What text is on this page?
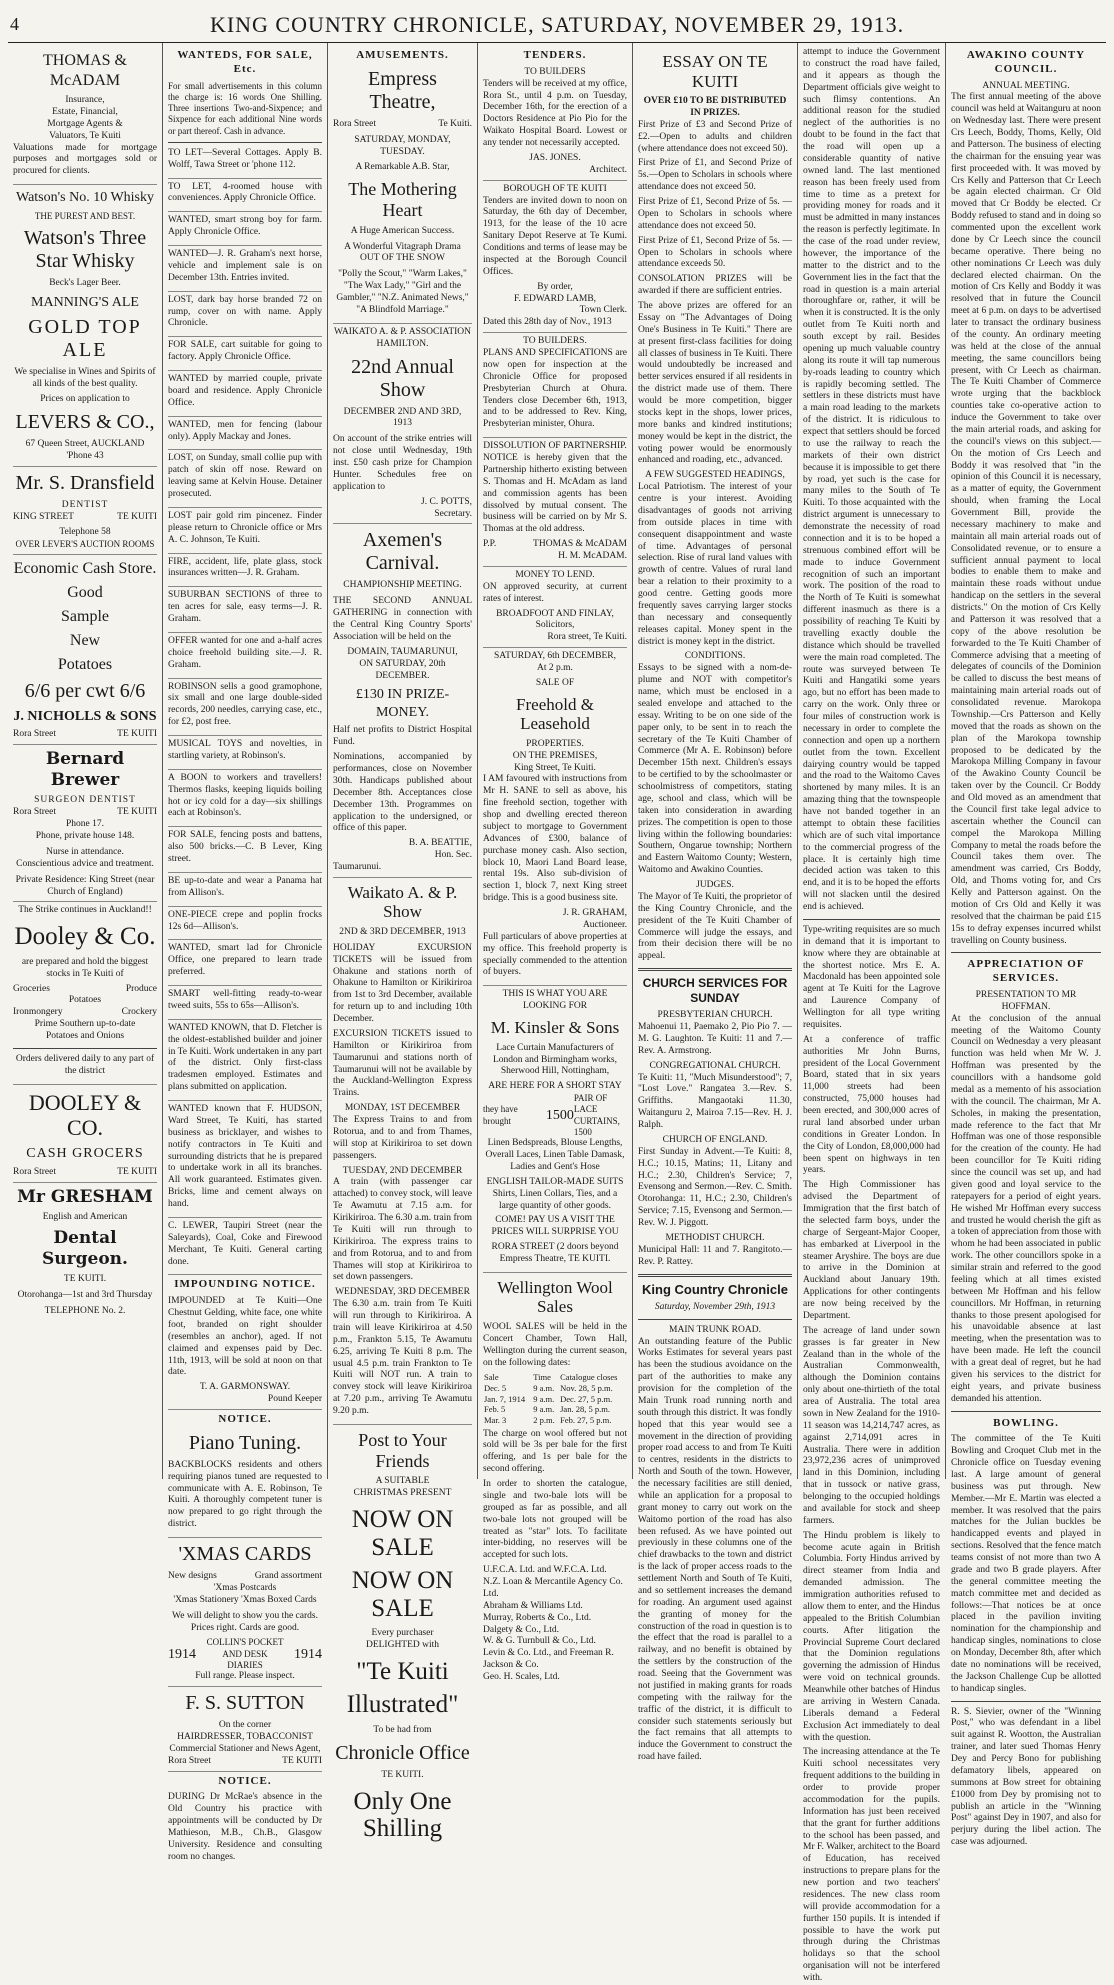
4	KING COUNTRY CHRONICLE, SATURDAY, NOVEMBER 29, 1913.
THOMAS & McADAM
Insurance,
Estate, Financial,
Mortgage Agents &
Valuators, Te Kuiti

Valuations made for mortgage purposes and mortgages sold or procured for clients.

Watson's No. 10 Whisky
THE PUREST AND BEST.
Watson's Three Star Whisky
Beck's Lager Beer.
MANNING'S ALE
GOLD TOP ALE

We specialise in Wines and Spirits of all kinds of the best quality.

Prices on application to
LEVERS & CO.,
67 Queen Street, AUCKLAND
'Phone 43
Mr. S. Dransfield
DENTIST
KING STREET	TE KUITI
Telephone 58
OVER LEVER'S AUCTION ROOMS
Economic Cash Store.
Good
Sample
New
Potatoes
6/6 per cwt 6/6
J. NICHOLLS & SONS
Rora Street	TE KUITI
Bernard Brewer
SURGEON DENTIST
Rora Street	TE KUITI
Phone 17.
Phone, private house 148.
Nurse in attendance.
Conscientious advice and treatment.
Private Residence: King Street (near Church of England)
The Strike continues in Auckland!!
Dooley & Co.

are prepared and hold the biggest stocks in Te Kuiti of

Groceries	Produce
Potatoes
Ironmongery	Crockery
Prime Southern up-to-date
Potatoes and Onions

Orders delivered daily to any part of the district

DOOLEY & CO.
CASH GROCERS
Rora Street	TE KUITI
Mr GRESHAM
English and American
Dental Surgeon.
TE KUITI.
Otorohanga—1st and 3rd Thursday
TELEPHONE No. 2.
WANTEDS, FOR SALE, Etc.

For small advertisements in this column the charge is: 16 words One Shilling. Three insertions Two-and-Sixpence; and Sixpence for each additional Nine words or part thereof. Cash in advance.

TO LET—Several Cottages. Apply B. Wolff, Tawa Street or 'phone 112.

TO LET, 4-roomed house with conveniences. Apply Chronicle Office.

WANTED, smart strong boy for farm. Apply Chronicle Office.

WANTED—J. R. Graham's next horse, vehicle and implement sale is on December 13th. Entries invited.

LOST, dark bay horse branded 72 on rump, cover on with name. Apply Chronicle.

FOR SALE, cart suitable for going to factory. Apply Chronicle Office.

WANTED by married couple, private board and residence. Apply Chronicle Office.

WANTED, men for fencing (labour only). Apply Mackay and Jones.

LOST, on Sunday, small collie pup with patch of skin off nose. Reward on leaving same at Kelvin House. Detainer prosecuted.

LOST pair gold rim pincenez. Finder please return to Chronicle office or Mrs A. C. Johnson, Te Kuiti.

FIRE, accident, life, plate glass, stock insurances written—J. R. Graham.

SUBURBAN SECTIONS of three to ten acres for sale, easy terms—J. R. Graham.

OFFER wanted for one and a-half acres choice freehold building site.—J. R. Graham.

ROBINSON sells a good gramophone, six small and one large double-sided records, 200 needles, carrying case, etc., for £2, post free.

MUSICAL TOYS and novelties, in startling variety, at Robinson's.

A BOON to workers and travellers! Thermos flasks, keeping liquids boiling hot or icy cold for a day—six shillings each at Robinson's.

FOR SALE, fencing posts and battens, also 500 bricks.—C. B Lever, King street.

BE up-to-date and wear a Panama hat from Allison's.

ONE-PIECE crepe and poplin frocks 12s 6d—Allison's.

WANTED, smart lad for Chronicle Office, one prepared to learn trade preferred.

SMART well-fitting ready-to-wear tweed suits, 55s to 65s—Allison's.

WANTED KNOWN, that D. Fletcher is the oldest-established builder and joiner in Te Kuiti. Work undertaken in any part of the district. Only first-class tradesmen employed. Estimates and plans submitted on application.

WANTED known that F. HUDSON, Ward Street, Te Kuiti, has started business as bricklayer, and wishes to notify contractors in Te Kuiti and surrounding districts that he is prepared to undertake work in all its branches. All work guaranteed. Estimates given. Bricks, lime and cement always on hand.

C. LEWER, Taupiri Street (near the Saleyards), Coal, Coke and Firewood Merchant, Te Kuiti. General carting done.

IMPOUNDING NOTICE.

IMPOUNDED at Te Kuiti—One Chestnut Gelding, white face, one white foot, branded on right shoulder (resembles an anchor), aged. If not claimed and expenses paid by Dec. 11th, 1913, will be sold at noon on that date.

T. A. GARMONSWAY.
Pound Keeper
NOTICE.
Piano Tuning.

BACKBLOCKS residents and others requiring pianos tuned are requested to communicate with A. E. Robinson, Te Kuiti. A thoroughly competent tuner is now prepared to go right through the district.

'XMAS CARDS
New designs	Grand assortment
'Xmas Postcards
'Xmas Stationery 'Xmas Boxed Cards

We will delight to show you the cards. Prices right. Cards are good.

1914
COLLIN'S POCKET AND DESK DIARIES
1914
Full range. Please inspect.
F. S. SUTTON
On the corner
HAIRDRESSER, TOBACCONIST
Commercial Stationer and News Agent,
Rora Street	TE KUITI
NOTICE.

DURING Dr McRae's absence in the Old Country his practice with appointments will be conducted by Dr Mathieson, M.B., Ch.B., Glasgow University. Residence and consulting room no changes.

AMUSEMENTS.
Empress Theatre,
Rora Street	Te Kuiti.
SATURDAY, MONDAY, TUESDAY.
A Remarkable A.B. Star,
The Mothering Heart
A Huge American Success.
A Wonderful Vitagraph Drama
OUT OF THE SNOW

"Polly the Scout," "Warm Lakes," "The Wax Lady," "Girl and the Gambler," "N.Z. Animated News," "A Blindfold Marriage."

WAIKATO A. & P. ASSOCIATION
HAMILTON.
22nd Annual Show
DECEMBER 2ND AND 3RD, 1913

On account of the strike entries will not close until Wednesday, 19th inst. £50 cash prize for Champion Hunter. Schedules free on application to

J. C. POTTS,
Secretary.
Axemen's Carnival.
CHAMPIONSHIP MEETING.

THE SECOND ANNUAL GATHERING in connection with the Central King Country Sports' Association will be held on the

DOMAIN, TAUMARUNUI,
ON SATURDAY, 20th DECEMBER.
£130 IN PRIZE-MONEY.

Half net profits to District Hospital Fund.

Nominations, accompanied by performances, close on November 30th. Handicaps published about December 8th. Acceptances close December 13th. Programmes on application to the undersigned, or office of this paper.

B. A. BEATTIE,
Hon. Sec.
Taumarunui.
Waikato A. & P. Show
2ND & 3RD DECEMBER, 1913

HOLIDAY EXCURSION TICKETS will be issued from Ohakune and stations north of Ohakune to Hamilton or Kirikiriroa from 1st to 3rd December, available for return up to and including 10th December.

EXCURSION TICKETS issued to Hamilton or Kirikiriroa from Taumarunui and stations north of Taumarunui will not be available by the Auckland-Wellington Express Trains.

MONDAY, 1ST DECEMBER

The Express Trains to and from Rotorua, and to and from Thames, will stop at Kirikiriroa to set down passengers.

TUESDAY, 2ND DECEMBER

A train (with passenger car attached) to convey stock, will leave Te Awamutu at 7.15 a.m. for Kirikiriroa. The 6.30 a.m. train from Te Kuiti will run through to Kirikiriroa. The express trains to and from Rotorua, and to and from Thames will stop at Kirikiriroa to set down passengers.

WEDNESDAY, 3RD DECEMBER

The 6.30 a.m. train from Te Kuiti will run through to Kirikiriroa. A train will leave Kirikiriroa at 4.50 p.m., Frankton 5.15, Te Awamutu 6.25, arriving Te Kuiti 8 p.m. The usual 4.5 p.m. train Frankton to Te Kuiti will NOT run. A train to convey stock will leave Kirikiriroa at 7.20 p.m., arriving Te Awamutu 9.20 p.m.

Post to Your Friends
A SUITABLE
CHRISTMAS PRESENT
NOW ON SALE
NOW ON SALE
Every purchaser
DELIGHTED with
"Te Kuiti
Illustrated"
To be had from
Chronicle Office
TE KUITI.
Only One Shilling
TENDERS.
TO BUILDERS

Tenders will be received at my office, Rora St., until 4 p.m. on Tuesday, December 16th, for the erection of a Doctors Residence at Pio Pio for the Waikato Hospital Board. Lowest or any tender not necessarily accepted.

JAS. JONES.
Architect.
BOROUGH OF TE KUITI

Tenders are invited down to noon on Saturday, the 6th day of December, 1913, for the lease of the 10 acre Sanitary Depot Reserve at Te Kumi. Conditions and terms of lease may be inspected at the Borough Council Offices.

By order,
F. EDWARD LAMB,
Town Clerk.
Dated this 28th day of Nov., 1913
TO BUILDERS.

PLANS AND SPECIFICATIONS are now open for inspection at the Chronicle Office for proposed Presbyterian Church at Ohura. Tenders close December 6th, 1913, and to be addressed to Rev. King, Presbyterian minister, Ohura.

DISSOLUTION OF PARTNERSHIP.

NOTICE is hereby given that the Partnership hitherto existing between S. Thomas and H. McAdam as land and commission agents has been dissolved by mutual consent. The business will be carried on by Mr S. Thomas at the old address.

P.P.	THOMAS & McADAM
H. M. McADAM.
MONEY TO LEND.

ON approved security, at current rates of interest.

BROADFOOT AND FINLAY,
Solicitors,
Rora street, Te Kuiti.
SATURDAY, 6th DECEMBER,
At 2 p.m.
SALE OF
Freehold & Leasehold
PROPERTIES.
ON THE PREMISES,
King Street, Te Kuiti.

I AM favoured with instructions from Mr H. SANE to sell as above, his fine freehold section, together with shop and dwelling erected thereon subject to mortgage to Government Advances of £300, balance of purchase money cash. Also section, block 10, Maori Land Board lease, rental 19s. Also sub-division of section 1, block 7, next King street bridge. This is a good business site.

J. R. GRAHAM,
Auctioneer.

Full particulars of above properties at my office. This freehold property is specially commended to the attention of buyers.

THIS IS WHAT YOU ARE LOOKING FOR
M. Kinsler & Sons

Lace Curtain Manufacturers of London and Birmingham works, Sherwood Hill, Nottingham,

ARE HERE FOR A SHORT STAY
they have brought	1500
PAIR OF LACE CURTAINS, 1500

Linen Bedspreads, Blouse Lengths, Overall Laces, Linen Table Damask, Ladies and Gent's Hose

ENGLISH TAILOR-MADE SUITS

Shirts, Linen Collars, Ties, and a large quantity of other goods.

COME! PAY US A VISIT THE PRICES WILL SURPRISE YOU

RORA STREET (2 doors beyond Empress Theatre, TE KUITI.

Wellington Wool Sales

WOOL SALES will be held in the Concert Chamber, Town Hall, Wellington during the current season, on the following dates:

Sale	Time	Catalogue closes
Dec. 5	9 a.m.	Nov. 28, 5 p.m.
Jan. 7, 1914	9 a.m.	Dec. 27, 5 p.m.
Feb. 5	9 a.m.	Jan. 28, 5 p.m.
Mar. 3	2 p.m.	Feb. 27, 5 p.m.

The charge on wool offered but not sold will be 3s per bale for the first offering, and 1s per bale for the second offering.

In order to shorten the catalogue, single and two-bale lots will be grouped as far as possible, and all two-bale lots not grouped will be treated as "star" lots. To facilitate inter-bidding, no reserves will be accepted for such lots.

U.F.C.A. Ltd. and W.F.C.A. Ltd.
N.Z. Loan & Mercantile Agency Co. Ltd.
Abraham & Williams Ltd.
Murray, Roberts & Co., Ltd.
Dalgety & Co., Ltd.
W. & G. Turnbull & Co., Ltd.
Levin & Co. Ltd., and Freeman R. Jackson & Co.
Geo. H. Scales, Ltd.
ESSAY ON TE KUITI
OVER £10 TO BE DISTRIBUTED IN PRIZES.

First Prize of £3 and Second Prize of £2.—Open to adults and children (where attendance does not exceed 50).

First Prize of £1, and Second Prize of 5s.—Open to Scholars in schools where attendance does not exceed 50.

First Prize of £1, Second Prize of 5s. —Open to Scholars in schools where attendance does not exceed 50.

First Prize of £1, Second Prize of 5s. —Open to Scholars in schools where attendance exceeds 50.

CONSOLATION PRIZES will be awarded if there are sufficient entries.

The above prizes are offered for an Essay on "The Advantages of Doing One's Business in Te Kuiti." There are at present first-class facilities for doing all classes of business in Te Kuiti. There would undoubtedly be increased and better services ensured if all residents in the district made use of them. There would be more competition, bigger stocks kept in the shops, lower prices, more banks and kindred institutions; money would be kept in the district, the voting power would be enormously enhanced and roading, etc., advanced.

A FEW SUGGESTED HEADINGS,

Local Patriotism. The interest of your centre is your interest. Avoiding disadvantages of goods not arriving from outside places in time with consequent disappointment and waste of time. Advantages of personal selection. Rise of rural land values with growth of centre. Values of rural land bear a relation to their proximity to a good centre. Getting goods more frequently saves carrying larger stocks than necessary and consequently releases capital. Money spent in the district is money kept in the district.

CONDITIONS.

Essays to be signed with a nom-de-plume and NOT with competitor's name, which must be enclosed in a sealed envelope and attached to the essay. Writing to be on one side of the paper only, to be sent in to reach the secretary of the Te Kuiti Chamber of Commerce (Mr A. E. Robinson) before December 15th next. Children's essays to be certified to by the schoolmaster or schoolmistress of competitors, stating age, school and class, which will be taken into consideration in awarding prizes. The competition is open to those living within the following boundaries: Southern, Ongarue township; Northern and Eastern Waitomo County; Western, Waitomo and Awakino Counties.

JUDGES.

The Mayor of Te Kuiti, the proprietor of the King Country Chronicle, and the president of the Te Kuiti Chamber of Commerce will judge the essays, and from their decision there will be no appeal.

CHURCH SERVICES FOR SUNDAY
PRESBYTERIAN CHURCH.

Mahoenui 11, Paemako 2, Pio Pio 7. —M. G. Laughton. Te Kuiti: 11 and 7.—Rev. A. Armstrong.

CONGREGATIONAL CHURCH.

Te Kuiti: 11, "Much Misunderstood"; 7, "Lost Love." Rangatea 3.—Rev. S. Griffiths. Mangaotaki 11.30, Waitanguru 2, Mairoa 7.15—Rev. H. J. Ralph.

CHURCH OF ENGLAND.

First Sunday in Advent.—Te Kuiti: 8, H.C.; 10.15, Matins; 11, Litany and H.C.; 2.30, Children's Service; 7, Evensong and Sermon.—Rev. C. Smith. Otorohanga: 11, H.C.; 2.30, Children's Service; 7.15, Evensong and Sermon.—Rev. W. J. Piggott.

METHODIST CHURCH.

Municipal Hall: 11 and 7. Rangitoto.—Rev. P. Rattey.

King Country Chronicle
Saturday, November 29th, 1913
MAIN TRUNK ROAD.

An outstanding feature of the Public Works Estimates for several years past has been the studious avoidance on the part of the authorities to make any provision for the completion of the Main Trunk road running north and south through this district. It was fondly hoped that this year would see a movement in the direction of providing proper road access to and from Te Kuiti to centres, residents in the districts to North and South of the town. However, the necessary facilities are still denied, while an application for a proposal to grant money to carry out work on the Waitomo portion of the road has also been refused. As we have pointed out previously in these columns one of the chief drawbacks to the town and district is the lack of proper access roads to the settlement North and South of Te Kuiti, and so settlement increases the demand for roading. An argument used against the granting of money for the construction of the road in question is to the effect that the road is parallel to a railway, and no benefit is obtained by the settlers by the construction of the road. Seeing that the Government was not justified in making grants for roads competing with the railway for the traffic of the district, it is difficult to consider such statements seriously but the fact remains that all attempts to induce the Government to construct the road have failed.

attempt to induce the Government to construct the road have failed, and it appears as though the Department officials give weight to such flimsy contentions. An additional reason for the studied neglect of the authorities is no doubt to be found in the fact that the road will open up a considerable quantity of native owned land. The last mentioned reason has been freely used from time to time as a pretext for providing money for roads and it must be admitted in many instances the reason is perfectly legitimate. In the case of the road under review, however, the importance of the matter to the district and to the Government lies in the fact that the road in question is a main arterial thoroughfare or, rather, it will be when it is constructed. It is the only outlet from Te Kuiti north and south except by rail. Besides opening up much valuable country along its route it will tap numerous by-roads leading to country which is rapidly becoming settled. The settlers in these districts must have a main road leading to the markets of the district. It is ridiculous to expect that settlers should be forced to use the railway to reach the markets of their own district because it is impossible to get there by road, yet such is the case for many miles to the South of Te Kuiti. To those acquainted with the district argument is unnecessary to demonstrate the necessity of road connection and it is to be hoped a strenuous combined effort will be made to induce Government recognition of such an important work. The position of the road to the North of Te Kuiti is somewhat different inasmuch as there is a possibility of reaching Te Kuiti by travelling exactly double the distance which should be travelled were the main road completed. The route was surveyed between Te Kuiti and Hangatiki some years ago, but no effort has been made to carry on the work. Only three or four miles of construction work is necessary in order to complete the connection and open up a northern outlet from the town. Excellent dairying country would be tapped and the road to the Waitomo Caves shortened by many miles. It is an amazing thing that the townspeople have not banded together in an attempt to obtain these facilities which are of such vital importance to the commercial progress of the place. It is certainly high time decided action was taken to this end, and it is to be hoped the efforts will not slacken until the desired end is achieved.

Type-writing requisites are so much in demand that it is important to know where they are obtainable at the shortest notice. Mrs E. A. Macdonald has been appointed sole agent at Te Kuiti for the Lagrove and Laurence Company of Wellington for all type writing requisites.

At a conference of traffic authorities Mr John Burns, president of the Local Government Board, stated that in six years 11,000 streets had been constructed, 75,000 houses had been erected, and 300,000 acres of rural land absorbed under urban conditions in Greater London. In the City of London, £8,000,000 had been spent on highways in ten years.

The High Commissioner has advised the Department of Immigration that the first batch of the selected farm boys, under the charge of Sergeant-Major Cooper, has embarked at Liverpool in the steamer Aryshire. The boys are due to arrive in the Dominion at Auckland about January 19th. Applications for other contingents are now being received by the Department.

The acreage of land under sown grasses is far greater in New Zealand than in the whole of the Australian Commonwealth, although the Dominion contains only about one-thirtieth of the total area of Australia. The total area sown in New Zealand for the 1910-11 season was 14,214,747 acres, as against 2,714,091 acres in Australia. There were in addition 23,972,236 acres of unimproved land in this Dominion, including that in tussock or native grass, belonging to the occupied holdings and available for stock and sheep farmers.

The Hindu problem is likely to become acute again in British Columbia. Forty Hindus arrived by direct steamer from India and demanded admission. The immigration authorities refused to allow them to enter, and the Hindus appealed to the British Columbian courts. After litigation the Provincial Supreme Court declared that the Dominion regulations governing the admission of Hindus were void on technical grounds. Meanwhile other batches of Hindus are arriving in Western Canada. Liberals demand a Federal Exclusion Act immediately to deal with the question.

The increasing attendance at the Te Kuiti school necessitates very frequent additions to the building in order to provide proper accommodation for the pupils. Information has just been received that the grant for further additions to the school has been passed, and Mr F. Walker, architect to the Board of Education, has received instructions to prepare plans for the new portion and two teachers' residences. The new class room will provide accommodation for a further 150 pupils. It is intended if possible to have the work put through during the Christmas holidays so that the school organisation will not be interfered with.

AWAKINO COUNTY COUNCIL.
ANNUAL MEETING.

The first annual meeting of the above council was held at Waitanguru at noon on Wednesday last. There were present Crs Leech, Boddy, Thoms, Kelly, Old and Patterson. The business of electing the chairman for the ensuing year was first proceeded with. It was moved by Crs Kelly and Patterson that Cr Leech be again elected chairman. Cr Old moved that Cr Boddy be elected. Cr Boddy refused to stand and in doing so commented upon the excellent work done by Cr Leech since the council became operative. There being no other nominations Cr Leech was duly declared elected chairman. On the motion of Crs Kelly and Boddy it was resolved that in future the Council meet at 6 p.m. on days to be advertised later to transact the ordinary business of the county. An ordinary meeting was held at the close of the annual meeting, the same councillors being present, with Cr Leech as chairman. The Te Kuiti Chamber of Commerce wrote urging that the backblock counties take co-operative action to induce the Government to take over the main arterial roads, and asking for the council's views on this subject.—On the motion of Crs Leech and Boddy it was resolved that "in the opinion of this Council it is necessary, as a matter of equity, the Government should, when framing the Local Government Bill, provide the necessary machinery to make and maintain all main arterial roads out of Consolidated revenue, or to ensure a sufficient annual payment to local bodies to enable them to make and maintain these roads without undue handicap on the settlers in the several districts." On the motion of Crs Kelly and Patterson it was resolved that a copy of the above resolution be forwarded to the Te Kuiti Chamber of Commerce advising that a meeting of delegates of councils of the Dominion be called to discuss the best means of maintaining main arterial roads out of consolidated revenue. Marokopa Township.—Crs Patterson and Kelly moved that the roads as shown on the plan of the Marokopa township proposed to be dedicated by the Marokopa Milling Company in favour of the Awakino County Council be taken over by the Council. Cr Boddy and Old moved as an amendment that the Council first take legal advice to ascertain whether the Council can compel the Marokopa Milling Company to metal the roads before the Council takes them over. The amendment was carried, Crs Boddy, Old, and Thoms voting for, and Crs Kelly and Patterson against. On the motion of Crs Old and Kelly it was resolved that the chairman be paid £15 15s to defray expenses incurred whilst travelling on County business.

APPRECIATION OF SERVICES.
PRESENTATION TO MR HOFFMAN.

At the conclusion of the annual meeting of the Waitomo County Council on Wednesday a very pleasant function was held when Mr W. J. Hoffman was presented by the councillors with a handsome gold medal as a memento of his association with the council. The chairman, Mr A. Scholes, in making the presentation, made reference to the fact that Mr Hoffman was one of those responsible for the creation of the county. He had been councillor for Te Kuiti riding since the council was set up, and had given good and loyal service to the ratepayers for a period of eight years. He wished Mr Hoffman every success and trusted he would cherish the gift as a token of appreciation from those with whom he had been associated in public work. The other councillors spoke in a similar strain and referred to the good feeling which at all times existed between Mr Hoffman and his fellow councillors. Mr Hoffman, in returning thanks to those present apologised for his unavoidable absence at last meeting, when the presentation was to have been made. He left the council with a great deal of regret, but he had given his services to the district for eight years, and private business demanded his attention.

BOWLING.

The committee of the Te Kuiti Bowling and Croquet Club met in the Chronicle office on Tuesday evening last. A large amount of general business was put through. New Member.—Mr E. Martin was elected a member. It was resolved that the pairs matches for the Julian buckles be handicapped events and played in sections. Resolved that the fence match teams consist of not more than two A grade and two B grade players. After the general committee meeting the match committee met and decided as follows:—That notices be at once placed in the pavilion inviting nomination for the championship and handicap singles, nominations to close on Monday, December 8th, after which date no nominations will be received, the Jackson Challenge Cup be allotted to handicap singles.

R. S. Sievier, owner of the "Winning Post," who was defendant in a libel suit against R. Wootton, the Australian trainer, and later sued Thomas Henry Dey and Percy Bono for publishing defamatory libels, appeared on summons at Bow street for obtaining £1000 from Dey by promising not to publish an article in the "Winning Post" against Dey in 1907, and also for perjury during the libel action. The case was adjourned.
